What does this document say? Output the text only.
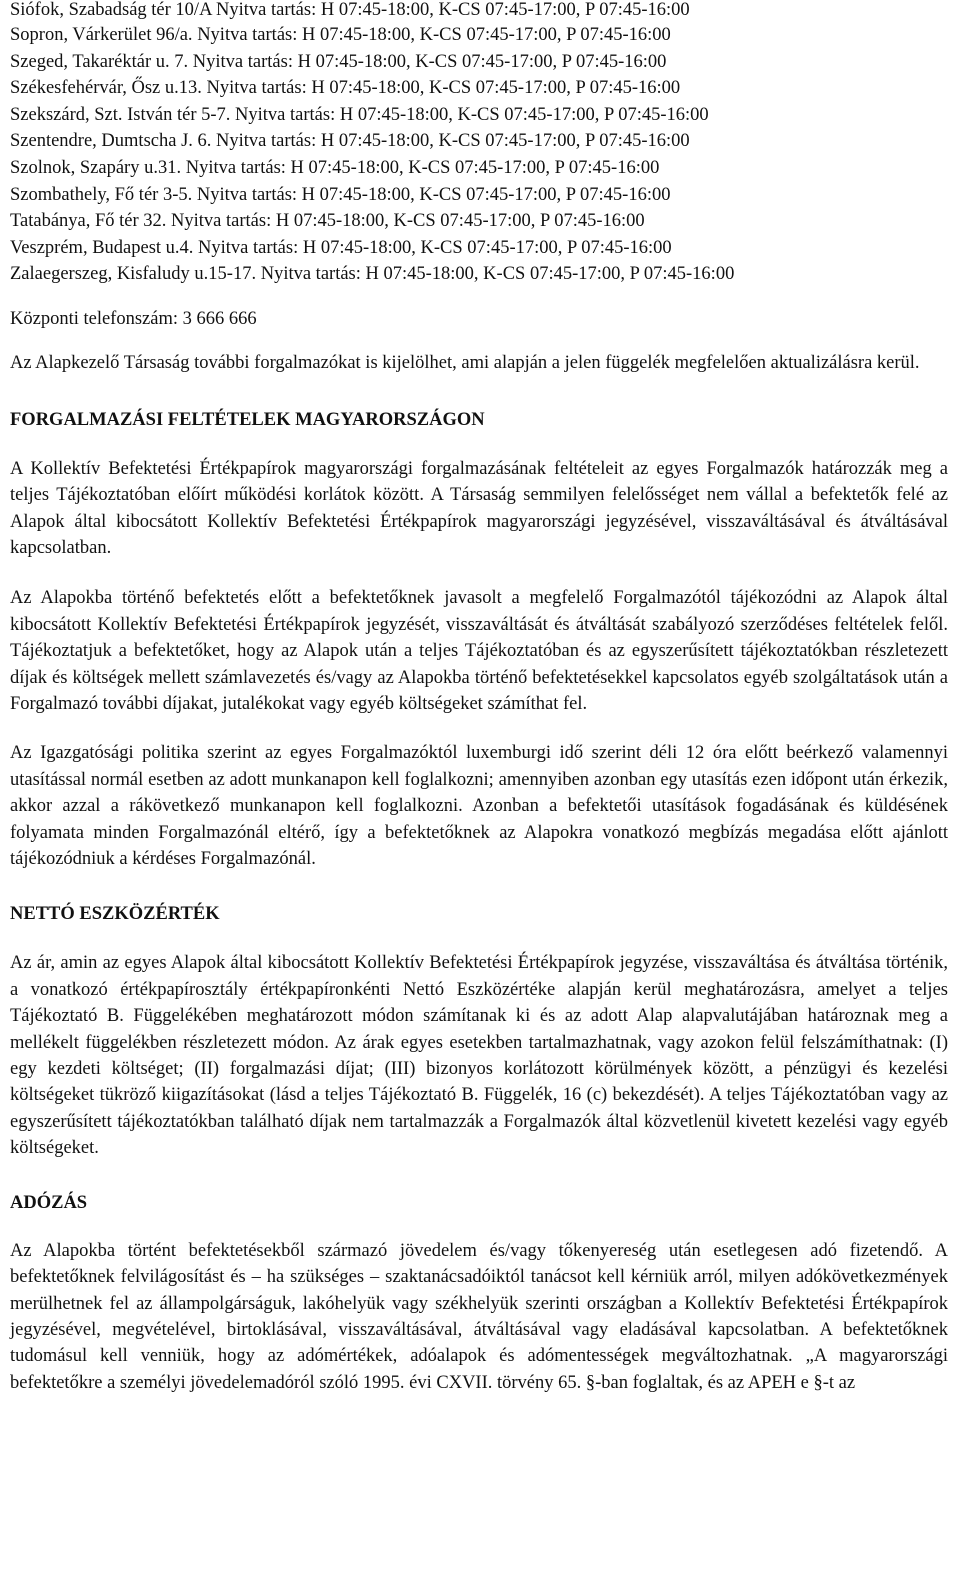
Siófok, Szabadság tér 10/A Nyitva tartás: H 07:45-18:00, K-CS 07:45-17:00, P 07:45-16:00
Sopron, Várkerület 96/a. Nyitva tartás: H 07:45-18:00, K-CS 07:45-17:00, P 07:45-16:00
Szeged, Takaréktár u. 7. Nyitva tartás: H 07:45-18:00, K-CS 07:45-17:00, P 07:45-16:00
Székesfehérvár, Ősz u.13. Nyitva tartás: H 07:45-18:00, K-CS 07:45-17:00, P 07:45-16:00
Szekszárd, Szt. István tér 5-7. Nyitva tartás: H 07:45-18:00, K-CS 07:45-17:00, P 07:45-16:00
Szentendre, Dumtscha J. 6. Nyitva tartás: H 07:45-18:00, K-CS 07:45-17:00, P 07:45-16:00
Szolnok, Szapáry u.31. Nyitva tartás: H 07:45-18:00, K-CS 07:45-17:00, P 07:45-16:00
Szombathely, Fő tér 3-5. Nyitva tartás: H 07:45-18:00, K-CS 07:45-17:00, P 07:45-16:00
Tatabánya, Fő tér 32. Nyitva tartás: H 07:45-18:00, K-CS 07:45-17:00, P 07:45-16:00
Veszprém, Budapest u.4. Nyitva tartás: H 07:45-18:00, K-CS 07:45-17:00, P 07:45-16:00
Zalaegerszeg, Kisfaludy u.15-17. Nyitva tartás: H 07:45-18:00, K-CS 07:45-17:00, P 07:45-16:00

Központi telefonszám: 3 666 666

Az Alapkezelő Társaság további forgalmazókat is kijelölhet, ami alapján a jelen függelék megfelelően aktualizálásra kerül.

FORGALMAZÁSI FELTÉTELEK MAGYARORSZÁGON

A Kollektív Befektetési Értékpapírok magyarországi forgalmazásának feltételeit az egyes Forgalmazók határozzák meg a teljes Tájékoztatóban előírt működési korlátok között. A Társaság semmilyen felelősséget nem vállal a befektetők felé az Alapok által kibocsátott Kollektív Befektetési Értékpapírok magyarországi jegyzésével, visszaváltásával és átváltásával kapcsolatban.

Az Alapokba történő befektetés előtt a befektetőknek javasolt a megfelelő Forgalmazótól tájékozódni az Alapok által kibocsátott Kollektív Befektetési Értékpapírok jegyzését, visszaváltását és átváltását szabályozó szerződéses feltételek felől. Tájékoztatjuk a befektetőket, hogy az Alapok után a teljes Tájékoztatóban és az egyszerűsített tájékoztatókban részletezett díjak és költségek mellett számlavezetés és/vagy az Alapokba történő befektetésekkel kapcsolatos egyéb szolgáltatások után a Forgalmazó további díjakat, jutalékokat vagy egyéb költségeket számíthat fel.

Az Igazgatósági politika szerint az egyes Forgalmazóktól luxemburgi idő szerint déli 12 óra előtt beérkező valamennyi utasítással normál esetben az adott munkanapon kell foglalkozni; amennyiben azonban egy utasítás ezen időpont után érkezik, akkor azzal a rákövetkező munkanapon kell foglalkozni. Azonban a befektetői utasítások fogadásának és küldésének folyamata minden Forgalmazónál eltérő, így a befektetőknek az Alapokra vonatkozó megbízás megadása előtt ajánlott tájékozódniuk a kérdéses Forgalmazónál.

NETTÓ ESZKÖZÉRTÉK

Az ár, amin az egyes Alapok által kibocsátott Kollektív Befektetési Értékpapírok jegyzése, visszaváltása és átváltása történik, a vonatkozó értékpapírosztály értékpapíronkénti Nettó Eszközértéke alapján kerül meghatározásra, amelyet a teljes Tájékoztató B. Függelékében meghatározott módon számítanak ki és az adott Alap alapvalutájában határoznak meg a mellékelt függelékben részletezett módon. Az árak egyes esetekben tartalmazhatnak, vagy azokon felül felszámíthatnak: (I) egy kezdeti költséget; (II) forgalmazási díjat; (III) bizonyos korlátozott körülmények között, a pénzügyi és kezelési költségeket tükröző kiigazításokat (lásd a teljes Tájékoztató B. Függelék, 16 (c) bekezdését). A teljes Tájékoztatóban vagy az egyszerűsített tájékoztatókban található díjak nem tartalmazzák a Forgalmazók által közvetlenül kivetett kezelési vagy egyéb költségeket.

ADÓZÁS

Az Alapokba történt befektetésekből származó jövedelem és/vagy tőkenyereség után esetlegesen adó fizetendő. A befektetőknek felvilágosítást és – ha szükséges – szaktanácsadóiktól tanácsot kell kérniük arról, milyen adókövetkezmények merülhetnek fel az állampolgárságuk, lakóhelyük vagy székhelyük szerinti országban a Kollektív Befektetési Értékpapírok jegyzésével, megvételével, birtoklásával, visszaváltásával, átváltásával vagy eladásával kapcsolatban. A befektetőknek tudomásul kell venniük, hogy az adómértékek, adóalapok és adómentességek megváltozhatnak. „A magyarországi befektetőkre a személyi jövedelemadóról szóló 1995. évi CXVII. törvény 65. §-ban foglaltak, és az APEH e §-t az
